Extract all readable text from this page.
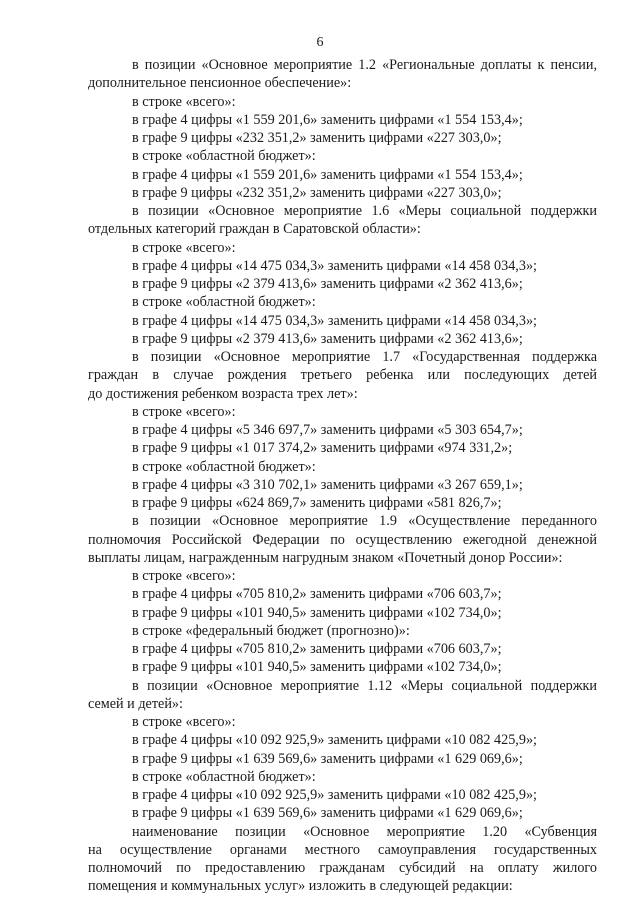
6
в позиции «Основное мероприятие 1.2 «Региональные доплаты к пенсии,
дополнительное пенсионное обеспечение»:
в строке «всего»:
в графе 4 цифры «1 559 201,6» заменить цифрами «1 554 153,4»;
в графе 9 цифры «232 351,2» заменить цифрами «227 303,0»;
в строке «областной бюджет»:
в графе 4 цифры «1 559 201,6» заменить цифрами «1 554 153,4»;
в графе 9 цифры «232 351,2» заменить цифрами «227 303,0»;
в позиции «Основное мероприятие 1.6 «Меры социальной поддержки
отдельных категорий граждан в Саратовской области»:
в строке «всего»:
в графе 4 цифры «14 475 034,3» заменить цифрами «14 458 034,3»;
в графе 9 цифры «2 379 413,6» заменить цифрами «2 362 413,6»;
в строке «областной бюджет»:
в графе 4 цифры «14 475 034,3» заменить цифрами «14 458 034,3»;
в графе 9 цифры «2 379 413,6» заменить цифрами «2 362 413,6»;
в позиции «Основное мероприятие 1.7 «Государственная поддержка
граждан в случае рождения третьего ребенка или последующих детей
до достижения ребенком возраста трех лет»:
в строке «всего»:
в графе 4 цифры «5 346 697,7» заменить цифрами «5 303 654,7»;
в графе 9 цифры «1 017 374,2» заменить цифрами «974 331,2»;
в строке «областной бюджет»:
в графе 4 цифры «3 310 702,1» заменить цифрами «3 267 659,1»;
в графе 9 цифры «624 869,7» заменить цифрами «581 826,7»;
в позиции «Основное мероприятие 1.9 «Осуществление переданного
полномочия Российской Федерации по осуществлению ежегодной денежной
выплаты лицам, награжденным нагрудным знаком «Почетный донор России»:
в строке «всего»:
в графе 4 цифры «705 810,2» заменить цифрами «706 603,7»;
в графе 9 цифры «101 940,5» заменить цифрами «102 734,0»;
в строке «федеральный бюджет (прогнозно)»:
в графе 4 цифры «705 810,2» заменить цифрами «706 603,7»;
в графе 9 цифры «101 940,5» заменить цифрами «102 734,0»;
в позиции «Основное мероприятие 1.12 «Меры социальной поддержки
семей и детей»:
в строке «всего»:
в графе 4 цифры «10 092 925,9» заменить цифрами «10 082 425,9»;
в графе 9 цифры «1 639 569,6» заменить цифрами «1 629 069,6»;
в строке «областной бюджет»:
в графе 4 цифры «10 092 925,9» заменить цифрами «10 082 425,9»;
в графе 9 цифры «1 639 569,6» заменить цифрами «1 629 069,6»;
наименование позиции «Основное мероприятие 1.20 «Субвенция
на осуществление органами местного самоуправления государственных
полномочий по предоставлению гражданам субсидий на оплату жилого
помещения и коммунальных услуг» изложить в следующей редакции:
